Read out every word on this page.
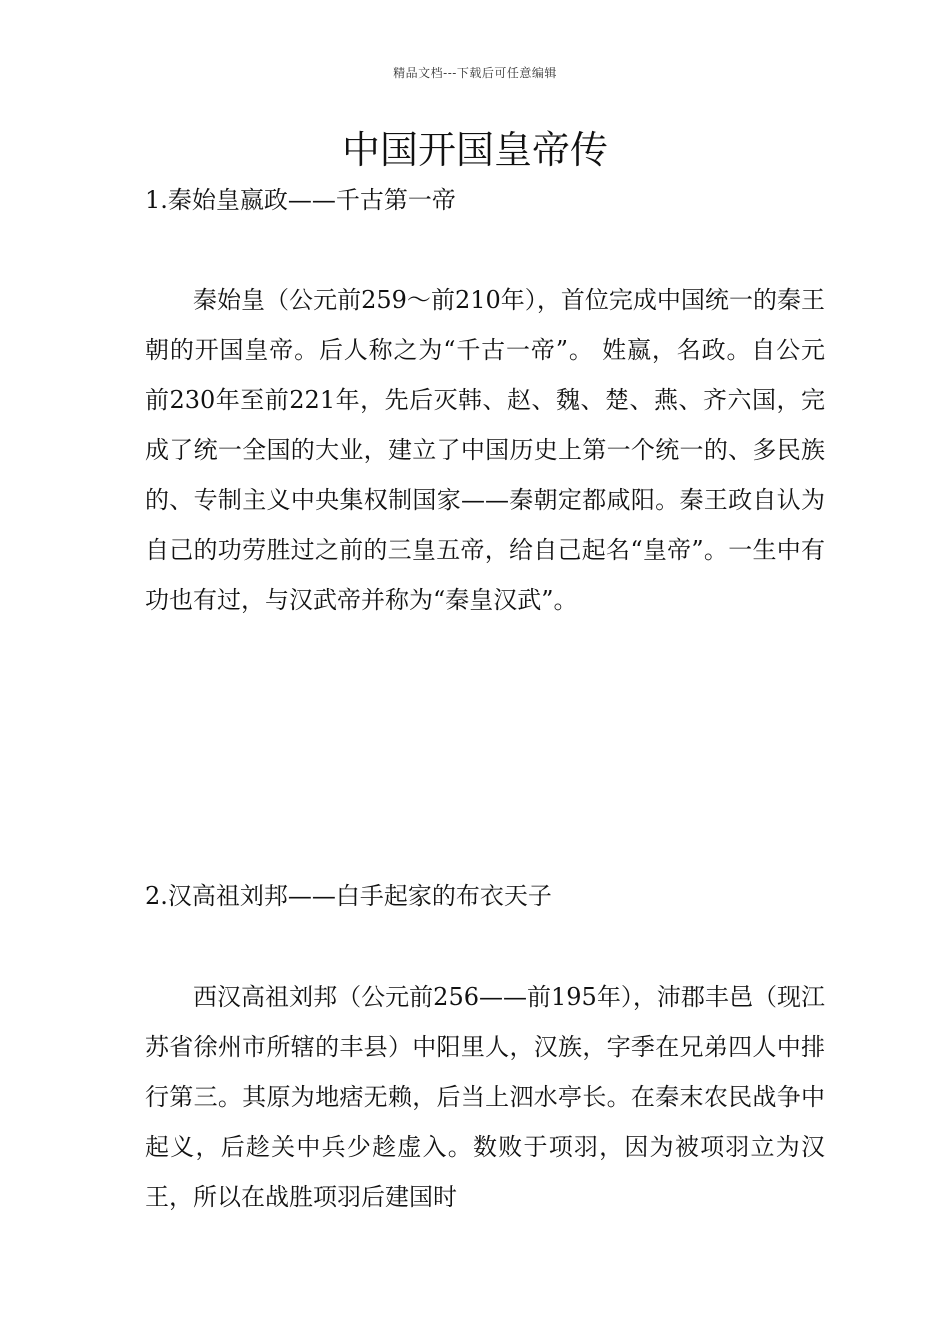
精品文档---下载后可任意编辑
中国开国皇帝传
1.秦始皇嬴政——千古第一帝

秦始皇（公元前259～前210年），首位完成中国统一的秦王朝的开国皇帝。后人称之为“千古一帝”。 姓嬴，名政。自公元前230年至前221年，先后灭韩、赵、魏、楚、燕、齐六国，完成了统一全国的大业，建立了中国历史上第一个统一的、多民族的、专制主义中央集权制国家——秦朝定都咸阳。秦王政自认为自己的功劳胜过之前的三皇五帝，给自己起名“皇帝”。一生中有功也有过，与汉武帝并称为“秦皇汉武”。

2.汉高祖刘邦——白手起家的布衣天子

西汉高祖刘邦（公元前256——前195年），沛郡丰邑（现江苏省徐州市所辖的丰县）中阳里人，汉族，字季在兄弟四人中排行第三。其原为地痞无赖，后当上泗水亭长。在秦末农民战争中起义，后趁关中兵少趁虚入。数败于项羽，因为被项羽立为汉王，所以在战胜项羽后建国时
